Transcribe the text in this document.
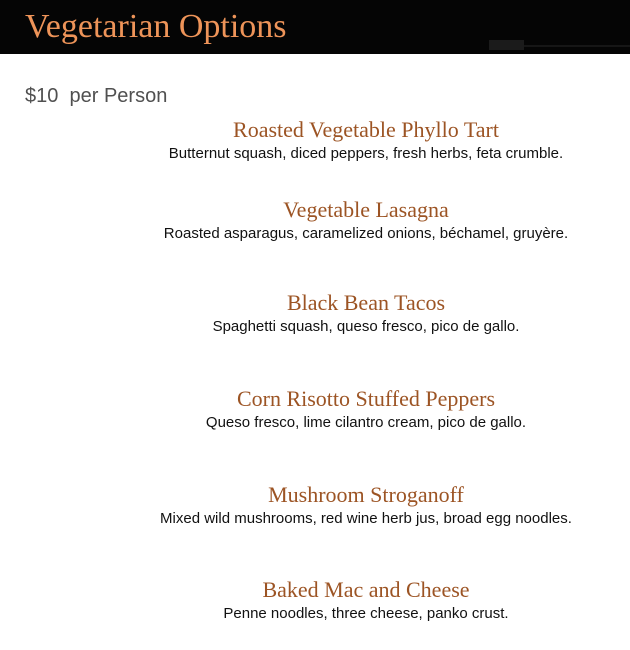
Vegetarian Options
$10  per Person
Roasted Vegetable Phyllo Tart
Butternut squash, diced peppers, fresh herbs, feta crumble.
Vegetable Lasagna
Roasted asparagus, caramelized onions, béchamel, gruyère.
Black Bean Tacos
Spaghetti squash, queso fresco, pico de gallo.
Corn Risotto Stuffed Peppers
Queso fresco, lime cilantro cream, pico de gallo.
Mushroom Stroganoff
Mixed wild mushrooms, red wine herb jus, broad egg noodles.
Baked Mac and Cheese
Penne noodles, three cheese, panko crust.
